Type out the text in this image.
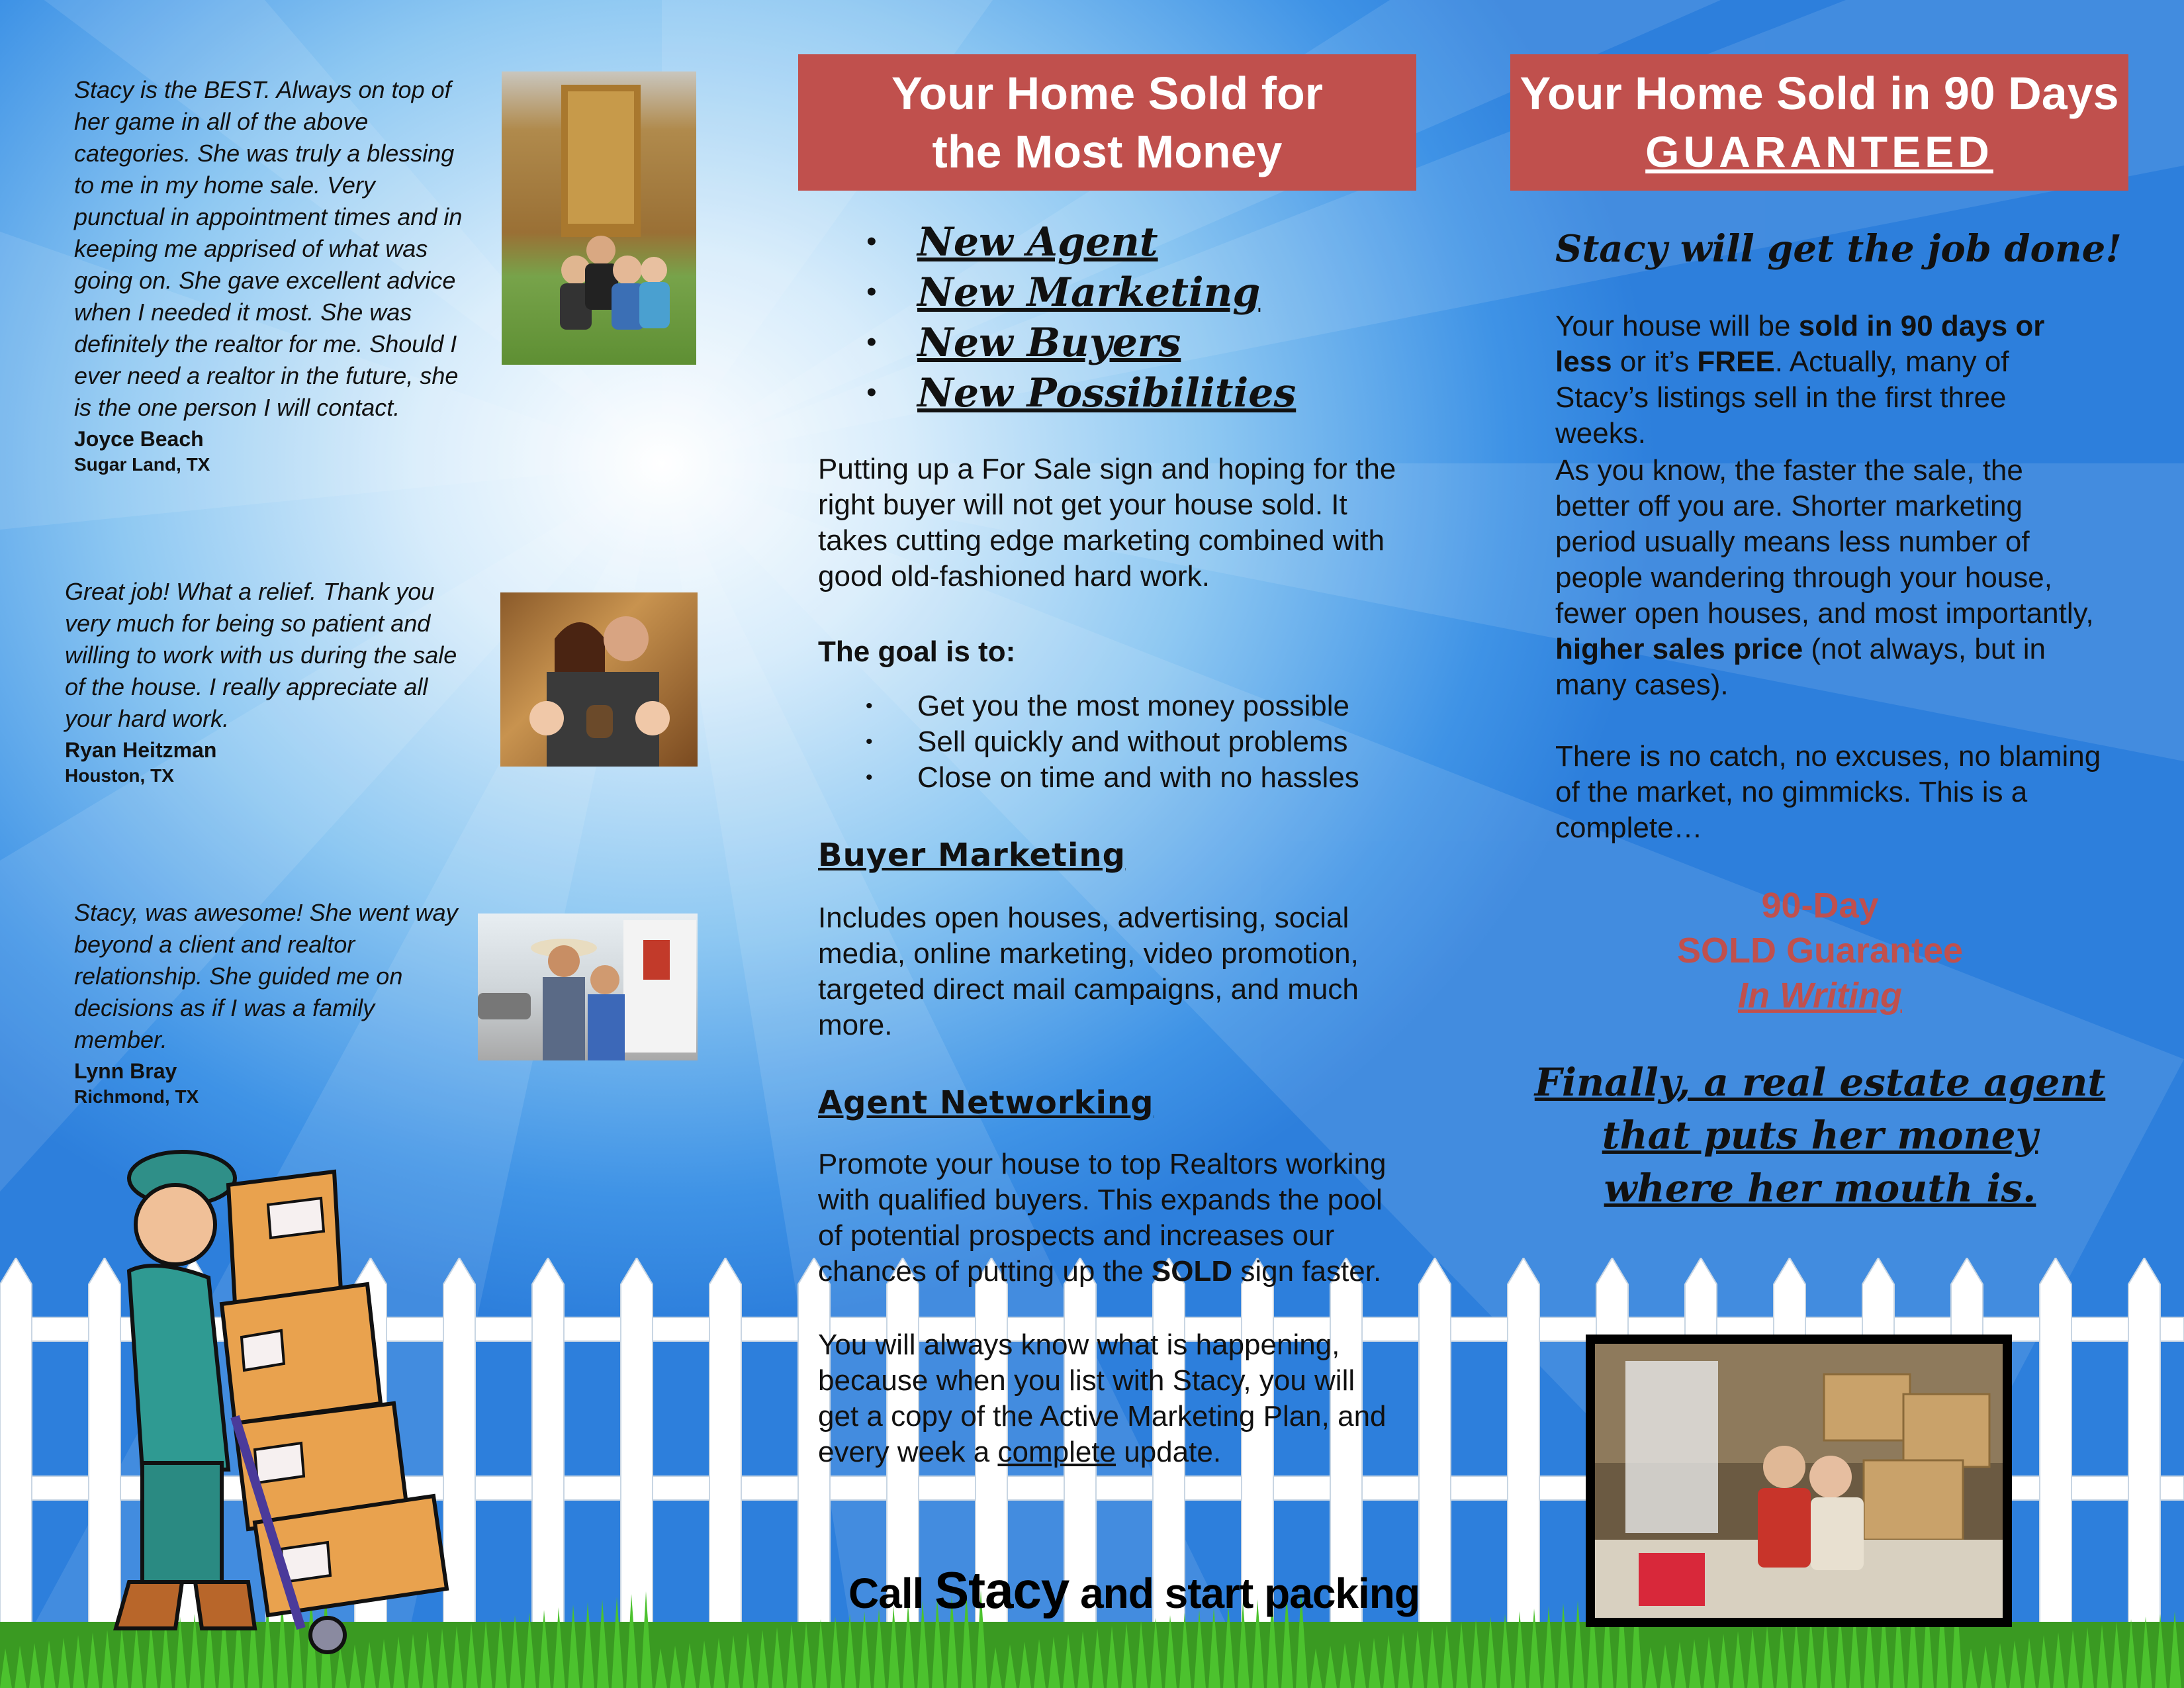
Stacy is the BEST. Always on top of her game in all of the above categories. She was truly a blessing to me in my home sale. Very punctual in appointment times and in keeping me apprised of what was going on. She gave excellent advice when I needed it most. She was definitely the realtor for me. Should I ever need a realtor in the future, she is the one person I will contact.
Joyce Beach
Sugar Land, TX
Great job! What a relief. Thank you very much for being so patient and willing to work with us during the sale of the house. I really appreciate all your hard work.
Ryan Heitzman
Houston, TX
Stacy, was awesome! She went way beyond a client and realtor relationship. She guided me on decisions as if I was a family member.
Lynn Bray
Richmond, TX
Your Home Sold for
the Most Money
• New Agent
• New Marketing
• New Buyers
• New Possibilities
Putting up a For Sale sign and hoping for the right buyer will not get your house sold. It takes cutting edge marketing combined with good old-fashioned hard work.
The goal is to:
• Get you the most money possible
• Sell quickly and without problems
• Close on time and with no hassles
Buyer Marketing
Includes open houses, advertising, social media, online marketing, video promotion, targeted direct mail campaigns, and much more.
Agent Networking
Promote your house to top Realtors working with qualified buyers. This expands the pool of potential prospects and increases our chances of putting up the SOLD sign faster.
You will always know what is happening, because when you list with Stacy, you will get a copy of the Active Marketing Plan, and every week a complete update.
Call Stacy and start packing
Your Home Sold in 90 Days
GUARANTEED
Stacy will get the job done!
Your house will be sold in 90 days or less or it’s FREE. Actually, many of Stacy’s listings sell in the first three weeks.
As you know, the faster the sale, the better off you are. Shorter marketing period usually means less number of people wandering through your house, fewer open houses, and most importantly, higher sales price (not always, but in many cases).
There is no catch, no excuses, no blaming of the market, no gimmicks. This is a complete…
90-Day
SOLD Guarantee
In Writing
Finally, a real estate agent
that puts her money
where her mouth is.
